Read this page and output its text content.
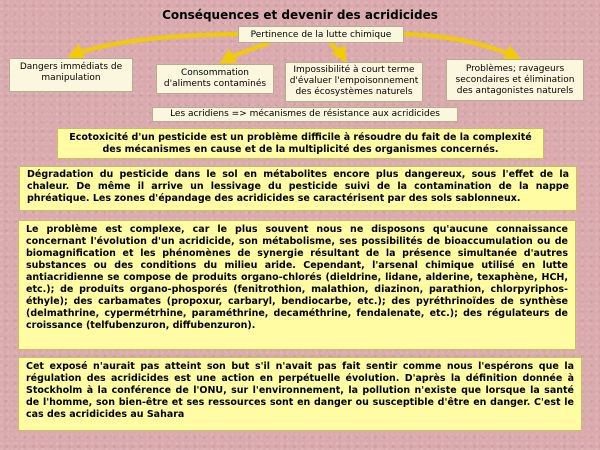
Conséquences et devenir des acridicides
Pertinence de la lutte chimique
Dangers immédiats de manipulation	Consommation d'aliments contaminés
Impossibilité à court terme d'évaluer l'empoisonnement des écosystèmes naturels
Problèmes; ravageurs secondaires et élimination des antagonistes naturels
Les acridiens => mécanismes de résistance aux acridicides
Ecotoxicité d'un pesticide est un problème difficile à résoudre du fait de la complexité des mécanismes en cause et de la multiplicité des organismes concernés.
Dégradation du pesticide dans le sol en métabolites encore plus dangereux, sous l'effet de la chaleur. De même il arrive un lessivage du pesticide suivi de la contamination de la nappe phréatique. Les zones d'épandage des acridicides se caractérisent par des sols sablonneux.
Le problème est complexe, car le plus souvent nous ne disposons qu'aucune connaissance concernant l'évolution d'un acridicide, son métabolisme, ses possibilités de bioaccumulation ou de biomagnification et les phénomènes de synergie résultant de la présence simultanée d'autres substances ou des conditions du milieu aride. Cependant, l'arsenal chimique utilisé en lutte antiacridienne se compose de produits organo-chlorés (dieldrine, lidane, alderine, texaphène, HCH, etc.); de produits organo-phosporés (fenitrothion, malathion, diazinon, parathion, chlorpyriphos-éthyle); des carbamates (propoxur, carbaryl, bendiocarbe, etc.); des pyréthrinoïdes de synthèse (delmathrine, cypermétrhine, paraméthrine, decaméthrine, fendalenate, etc.); des régulateurs de croissance (telfubenzuron, diffubenzuron).
Cet exposé n'aurait pas atteint son but s'il n'avait pas fait sentir comme nous l'espérons que la régulation des acridicides est une action en perpétuelle évolution. D'après la définition donnée à Stockholm à la conférence de l'ONU, sur l'environnement, la pollution n'existe que lorsque la santé de l'homme, son bien-être et ses ressources sont en danger ou susceptible d'être en danger. C'est le cas des acridicides au Sahara
